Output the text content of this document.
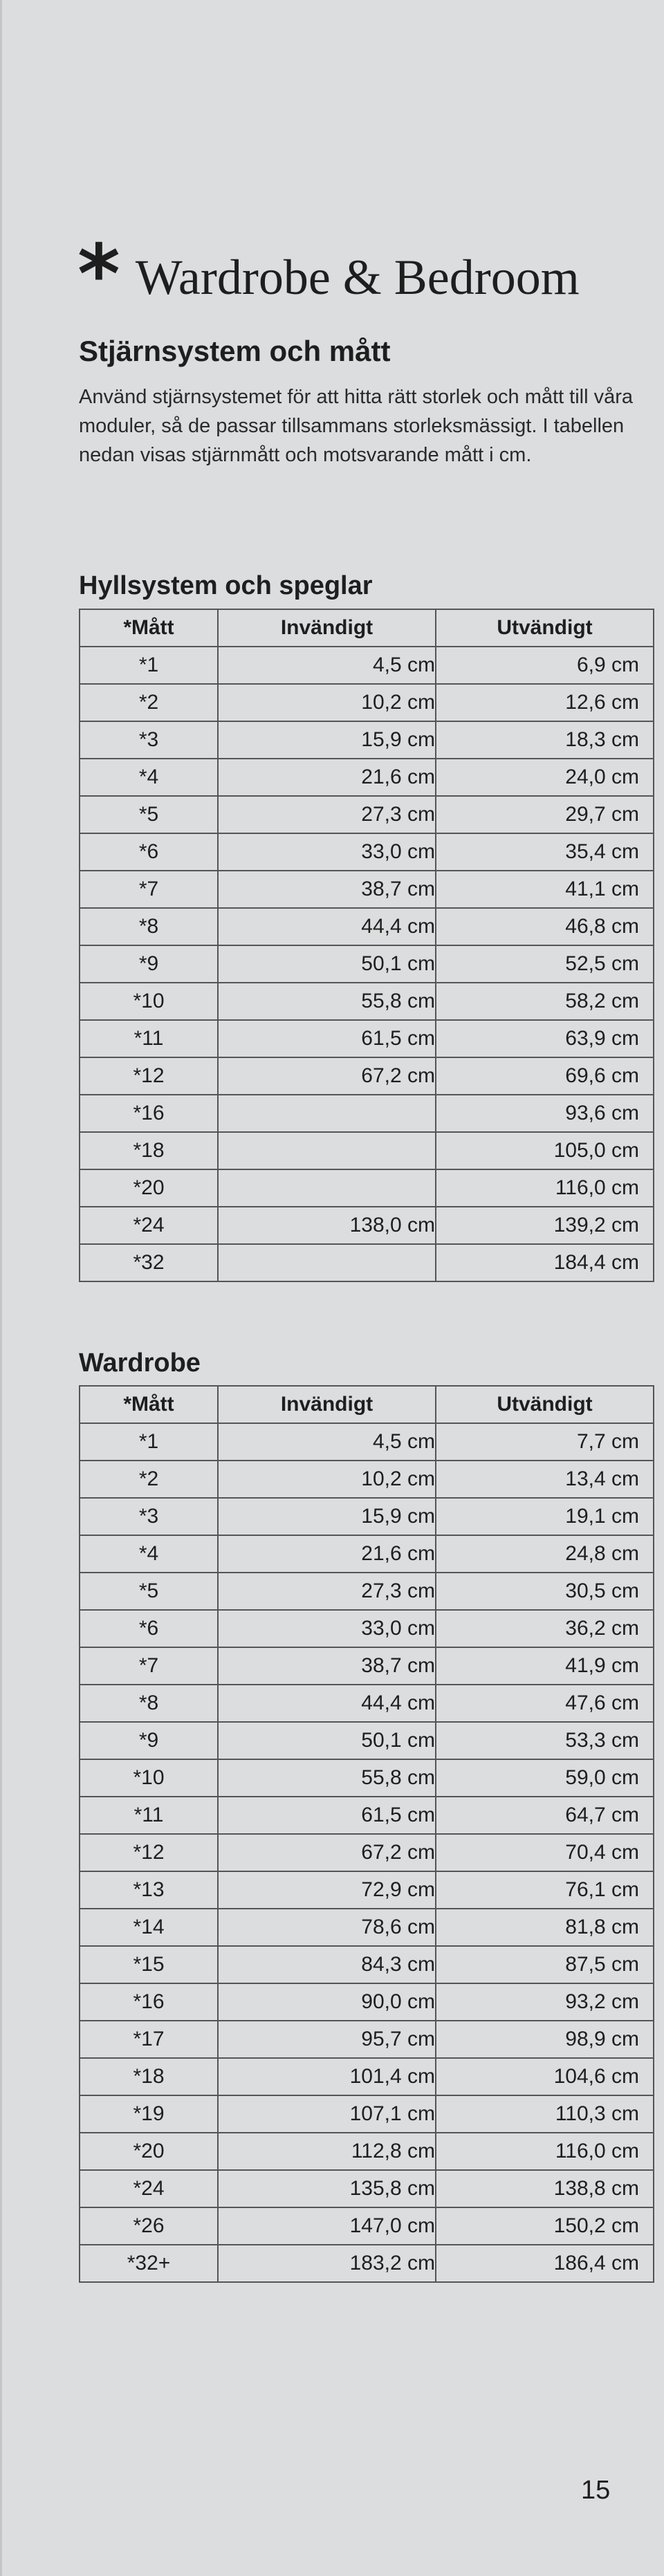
* Wardrobe & Bedroom
Stjärnsystem och mått

Använd stjärnsystemet för att hitta rätt storlek och mått till våra moduler, så de passar tillsammans storleksmässigt. I tabellen nedan visas stjärnmått och motsvarande mått i cm.

Hyllsystem och speglar
*Mått	Invändigt	Utvändigt
*1	4,5 cm	6,9 cm
*2	10,2 cm	12,6 cm
*3	15,9 cm	18,3 cm
*4	21,6 cm	24,0 cm
*5	27,3 cm	29,7 cm
*6	33,0 cm	35,4 cm
*7	38,7 cm	41,1 cm
*8	44,4 cm	46,8 cm
*9	50,1 cm	52,5 cm
*10	55,8 cm	58,2 cm
*11	61,5 cm	63,9 cm
*12	67,2 cm	69,6 cm
*16		93,6 cm
*18		105,0 cm
*20		116,0 cm
*24	138,0 cm	139,2 cm
*32		184,4 cm
Wardrobe
*Mått	Invändigt	Utvändigt
*1	4,5 cm	7,7 cm
*2	10,2 cm	13,4 cm
*3	15,9 cm	19,1 cm
*4	21,6 cm	24,8 cm
*5	27,3 cm	30,5 cm
*6	33,0 cm	36,2 cm
*7	38,7 cm	41,9 cm
*8	44,4 cm	47,6 cm
*9	50,1 cm	53,3 cm
*10	55,8 cm	59,0 cm
*11	61,5 cm	64,7 cm
*12	67,2 cm	70,4 cm
*13	72,9 cm	76,1 cm
*14	78,6 cm	81,8 cm
*15	84,3 cm	87,5 cm
*16	90,0 cm	93,2 cm
*17	95,7 cm	98,9 cm
*18	101,4 cm	104,6 cm
*19	107,1 cm	110,3 cm
*20	112,8 cm	116,0 cm
*24	135,8 cm	138,8 cm
*26	147,0 cm	150,2 cm
*32+	183,2 cm	186,4 cm
15
